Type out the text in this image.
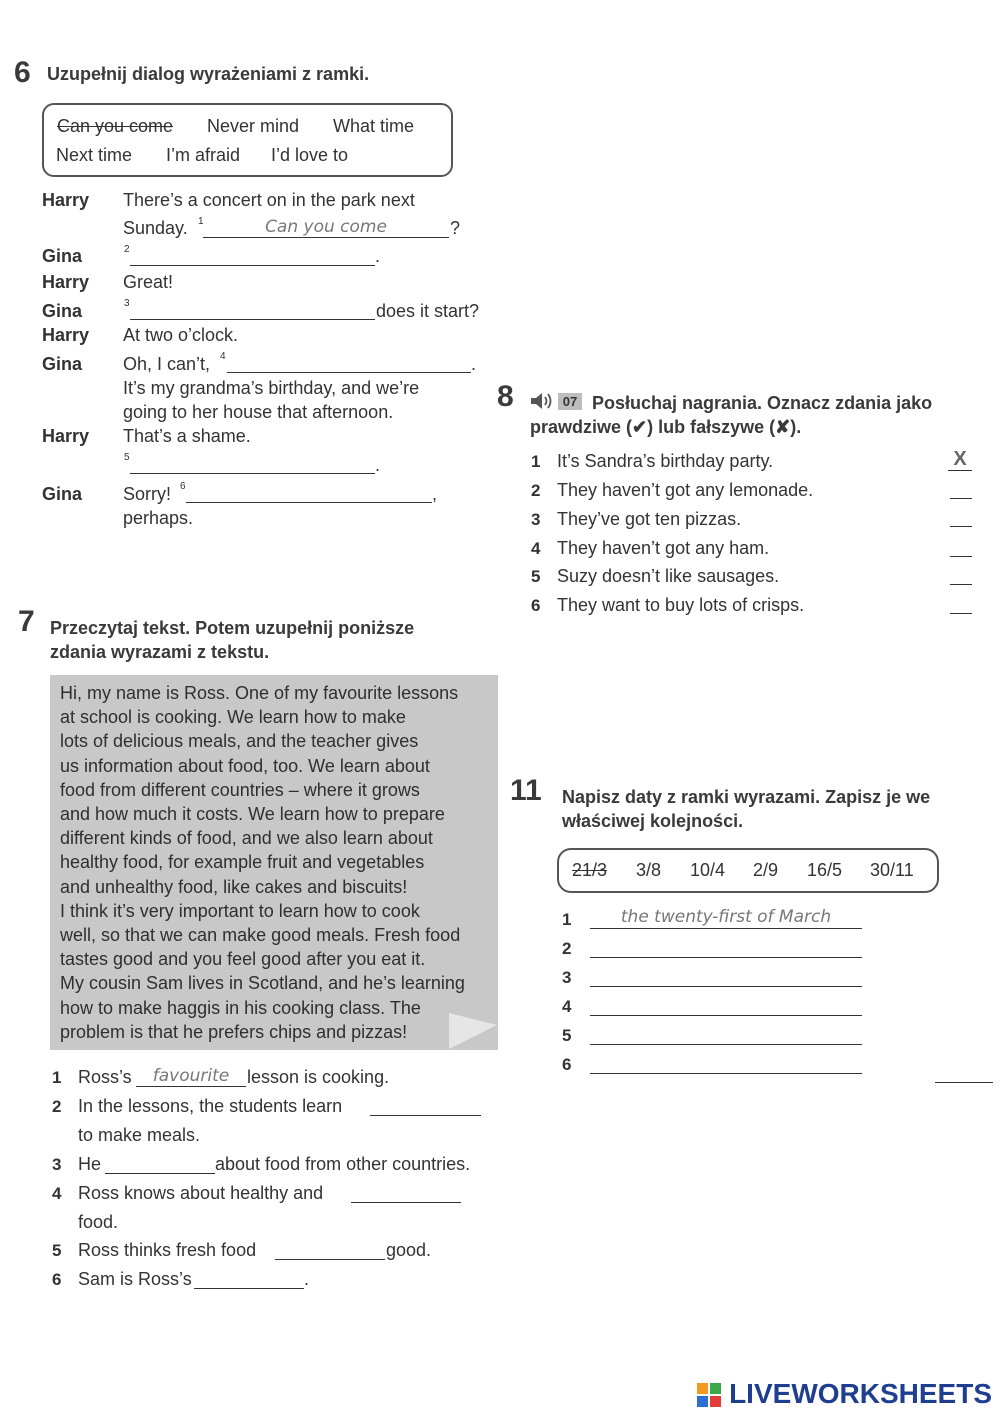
6 Uzupełnij dialog wyrażeniami z ramki.
Can you come Never mind What time
Next time I’m afraid I’d love to
Harry There’s a concert on in the park next
Sunday. 1	Can you come	?
Gina	2	.
Harry Great!
Gina	3	does it start?
Harry At two o’clock.
Gina Oh, I can’t, 4	.
It’s my grandma’s birthday, and we’re
going to her house that afternoon.
Harry That’s a shame.
5	.
Gina Sorry! 6	,
perhaps.
7 Przeczytaj tekst. Potem uzupełnij poniższe
zdania wyrazami z tekstu.
Hi, my name is Ross. One of my favourite lessons
at school is cooking. We learn how to make
lots of delicious meals, and the teacher gives
us information about food, too. We learn about
food from different countries – where it grows
and how much it costs. We learn how to prepare
different kinds of food, and we also learn about
healthy food, for example fruit and vegetables
and unhealthy food, like cakes and biscuits!
I think it’s very important to learn how to cook
well, so that we can make good meals. Fresh food
tastes good and you feel good after you eat it.
My cousin Sam lives in Scotland, and he’s learning
how to make haggis in his cooking class. The
problem is that he prefers chips and pizzas!
1 Ross’s	favourite lesson is cooking.
2 In the lessons, the students learn
to make meals.
3 He	about food from other countries.
4 Ross knows about healthy and
food.
5 Ross thinks fresh food	good.
6 Sam is Ross’s	.
8	07 Posłuchaj nagrania. Oznacz zdania jako
prawdziwe (✔) lub fałszywe (✘).
1 It’s Sandra’s birthday party.	X
2 They haven’t got any lemonade.
3 They’ve got ten pizzas.
4 They haven’t got any ham.
5 Suzy doesn’t like sausages.
6 They want to buy lots of crisps.
11 Napisz daty z ramki wyrazami. Zapisz je we
właściwej kolejności.
21/3 3/8 10/4 2/9 16/5 30/11
1	the twenty-first of March
2
3
4
5
6
LIVEWORKSHEETS
